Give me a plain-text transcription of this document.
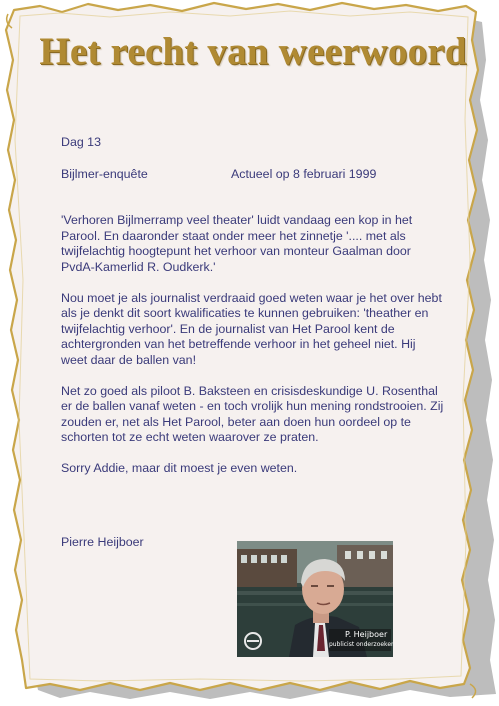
Het recht van weerwoord
Dag 13
Bijlmer-enquête	Actueel op 8 februari 1999

'Verhoren Bijlmerramp veel theater' luidt vandaag een kop in het Parool. En daaronder staat onder meer het zinnetje '.... met als twijfelachtig hoogtepunt het verhoor van monteur Gaalman door PvdA-Kamerlid R. Oudkerk.'

Nou moet je als journalist verdraaid goed weten waar je het over hebt als je denkt dit soort kwalificaties te kunnen gebruiken: 'theather en twijfelachtig verhoor'. En de journalist van Het Parool kent de achtergronden van het betreffende verhoor in het geheel niet. Hij weet daar de ballen van!

Net zo goed als piloot B. Baksteen en crisisdeskundige U. Rosenthal er de ballen vanaf weten - en toch vrolijk hun mening rondstrooien. Zij zouden er, net als Het Parool, beter aan doen hun oordeel op te schorten tot ze echt weten waarover ze praten.

Sorry Addie, maar dit moest je even weten.

Pierre Heijboer
P. Heijboer
publicist onderzoeker
